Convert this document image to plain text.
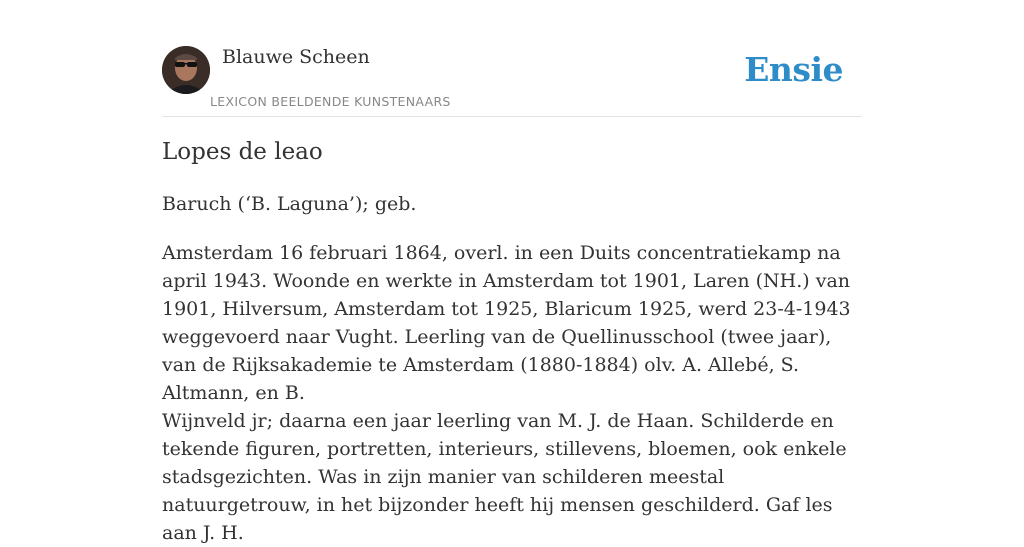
Blauwe Scheen
LEXICON BEELDENDE KUNSTENAARS
Ensie
Lopes de leao

Baruch (‘B. Laguna’); geb.

Amsterdam 16 februari 1864, overl. in een Duits concentratiekamp na april 1943. Woonde en werkte in Amsterdam tot 1901, Laren (NH.) van 1901, Hilversum, Amsterdam tot 1925, Blaricum 1925, werd 23-4-1943 weggevoerd naar Vught. Leerling van de Quellinusschool (twee jaar), van de Rijksakademie te Amsterdam (1880-1884) olv. A. Allebé, S. Altmann, en B.

Wijnveld jr; daarna een jaar leerling van M. J. de Haan. Schilderde en tekende figuren, portretten, interieurs, stillevens, bloemen, ook enkele stadsgezichten. Was in zijn manier van schilderen meestal natuurgetrouw, in het bijzonder heeft hij mensen geschilderd. Gaf les aan J. H.
